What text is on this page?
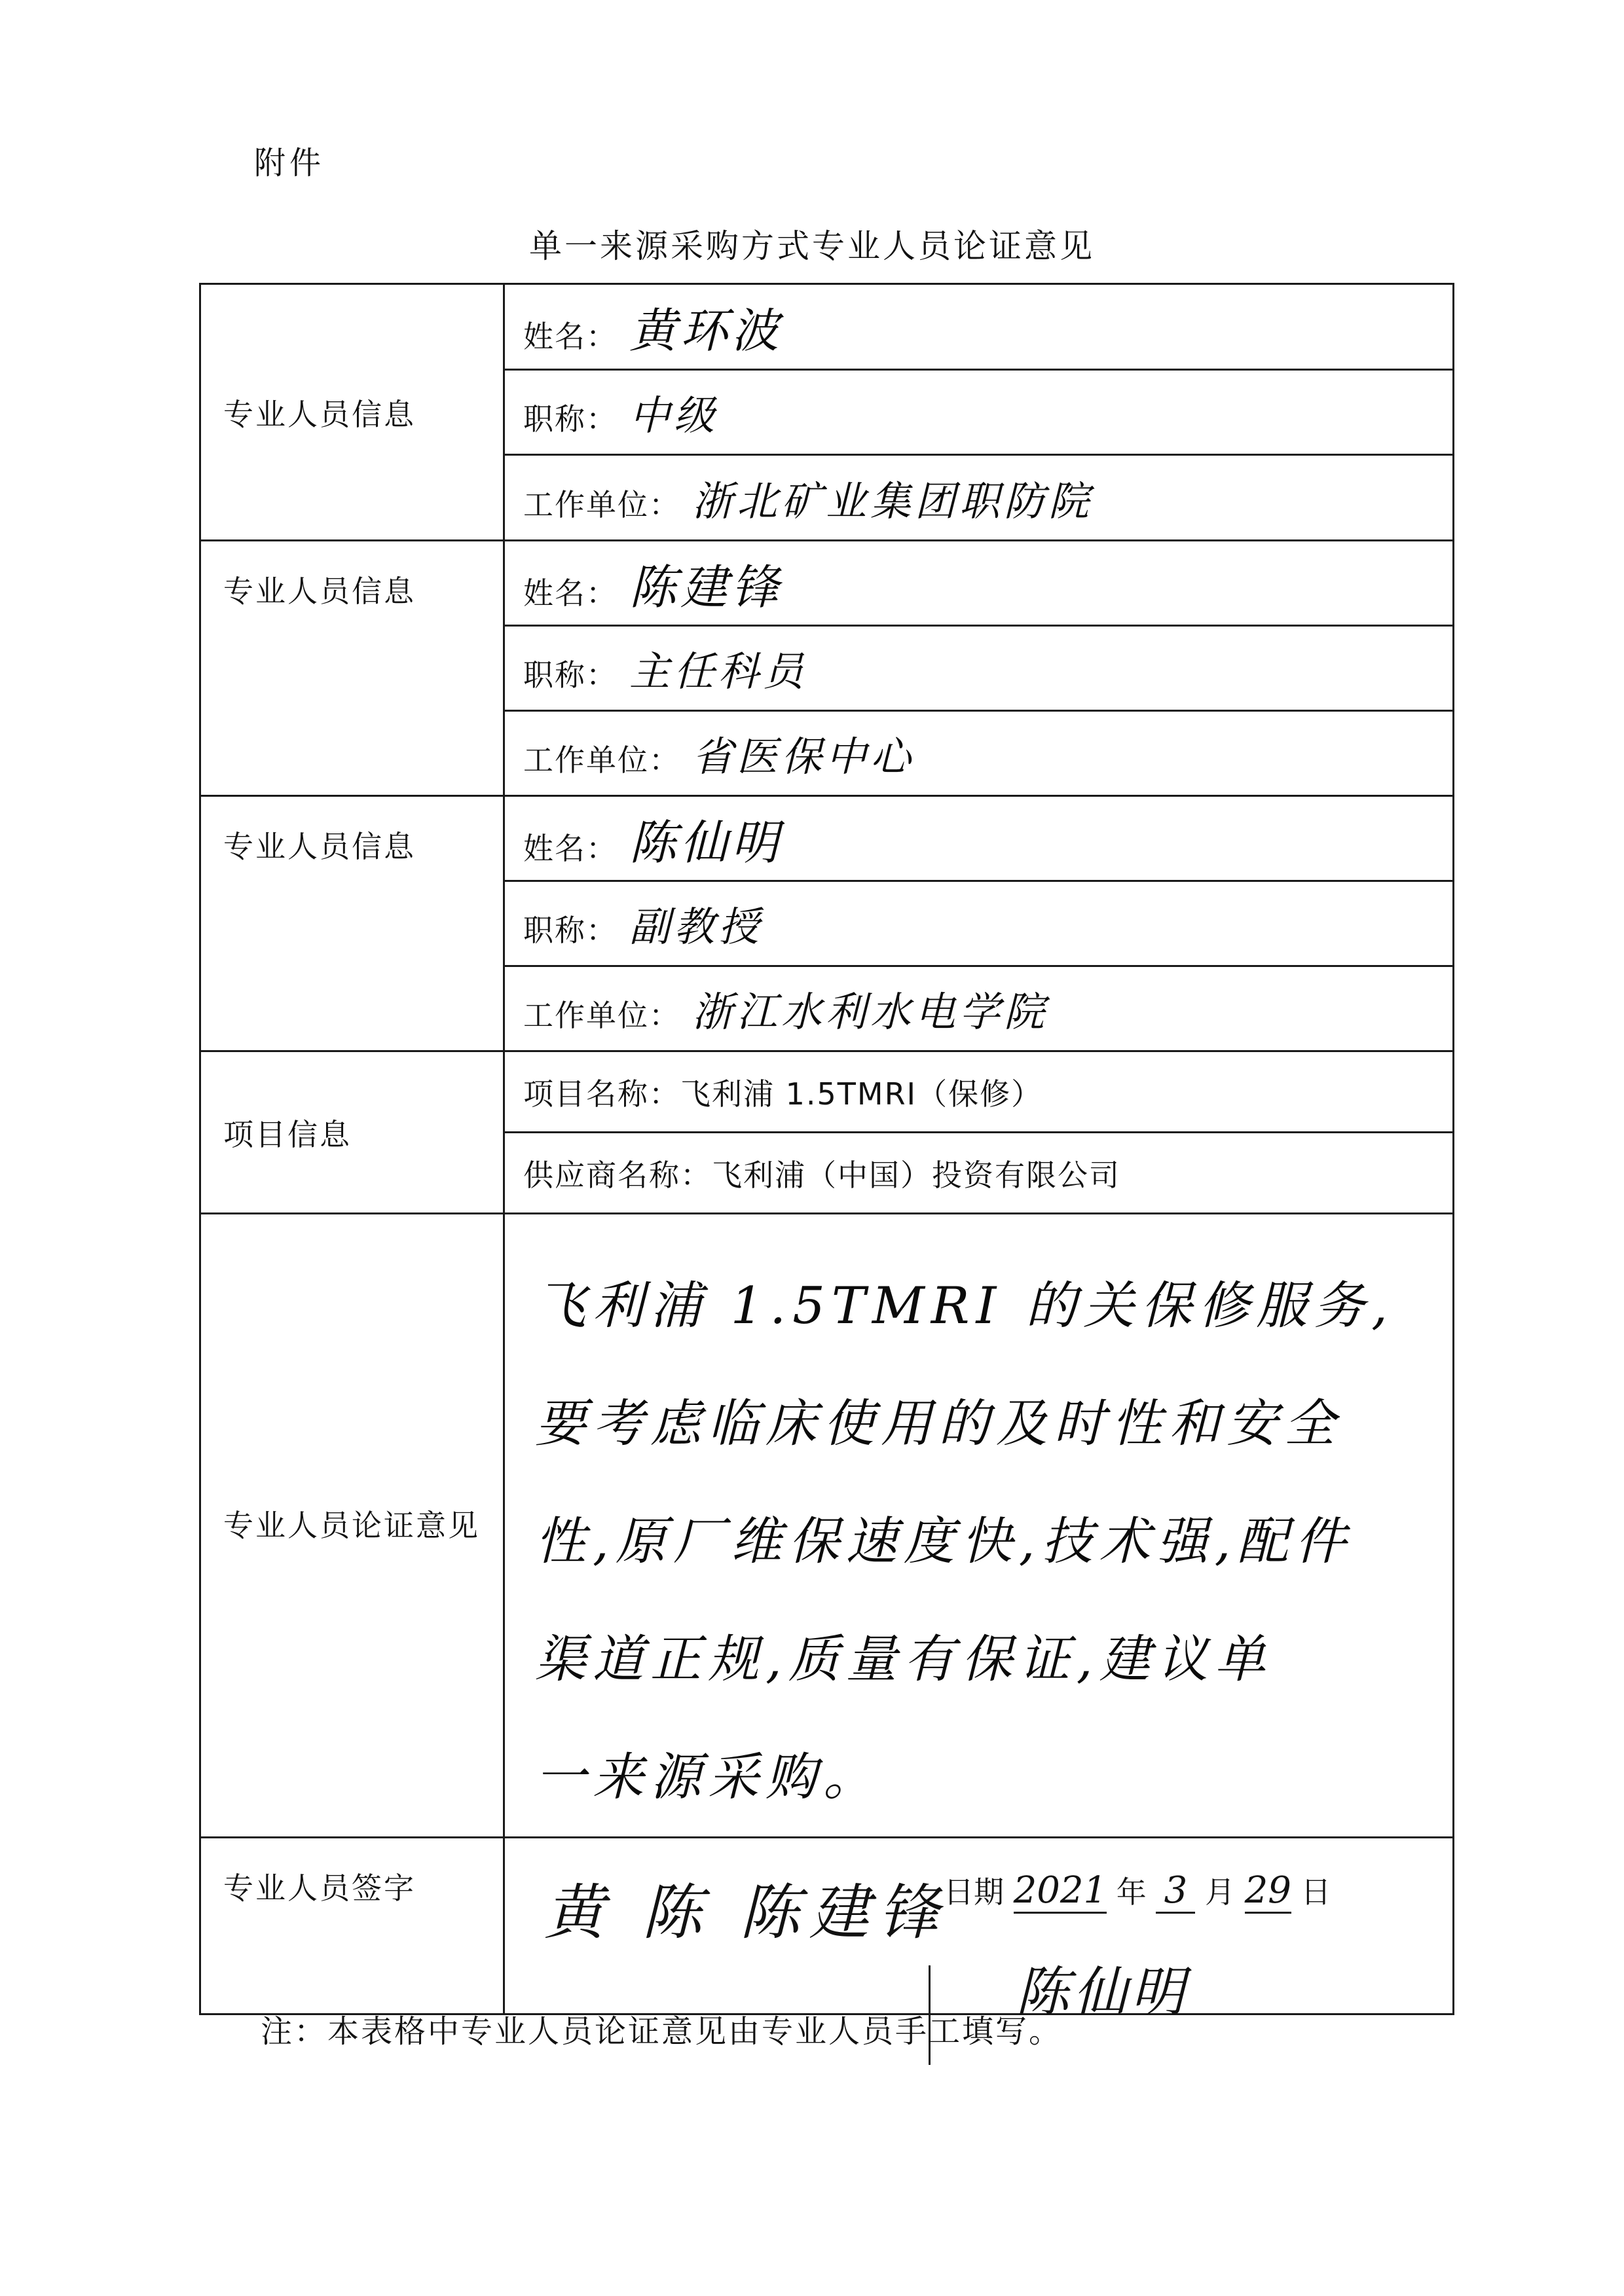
附件
单一来源采购方式专业人员论证意见
专业人员信息	姓名： 黄环波
	职称： 中级
	工作单位： 浙北矿业集团职防院
专业人员信息	姓名： 陈建锋
	职称： 主任科员
	工作单位： 省医保中心
专业人员信息	姓名： 陈仙明
	职称： 副教授
	工作单位： 浙江水利水电学院
项目信息	项目名称：飞利浦 1.5TMRI（保修）
	供应商名称：飞利浦（中国）投资有限公司
专业人员论证意见	飞利浦 1.5TMRI 的关保修服务,
要考虑临床使用的及时性和安全
性,原厂维保速度快,技术强,配件
渠道正规,质量有保证,建议单
一来源采购。

专业人员签字	黄 陈 陈建锋
日期 2021 年 3 月 29 日
陈仙明
注：本表格中专业人员论证意见由专业人员手工填写。
